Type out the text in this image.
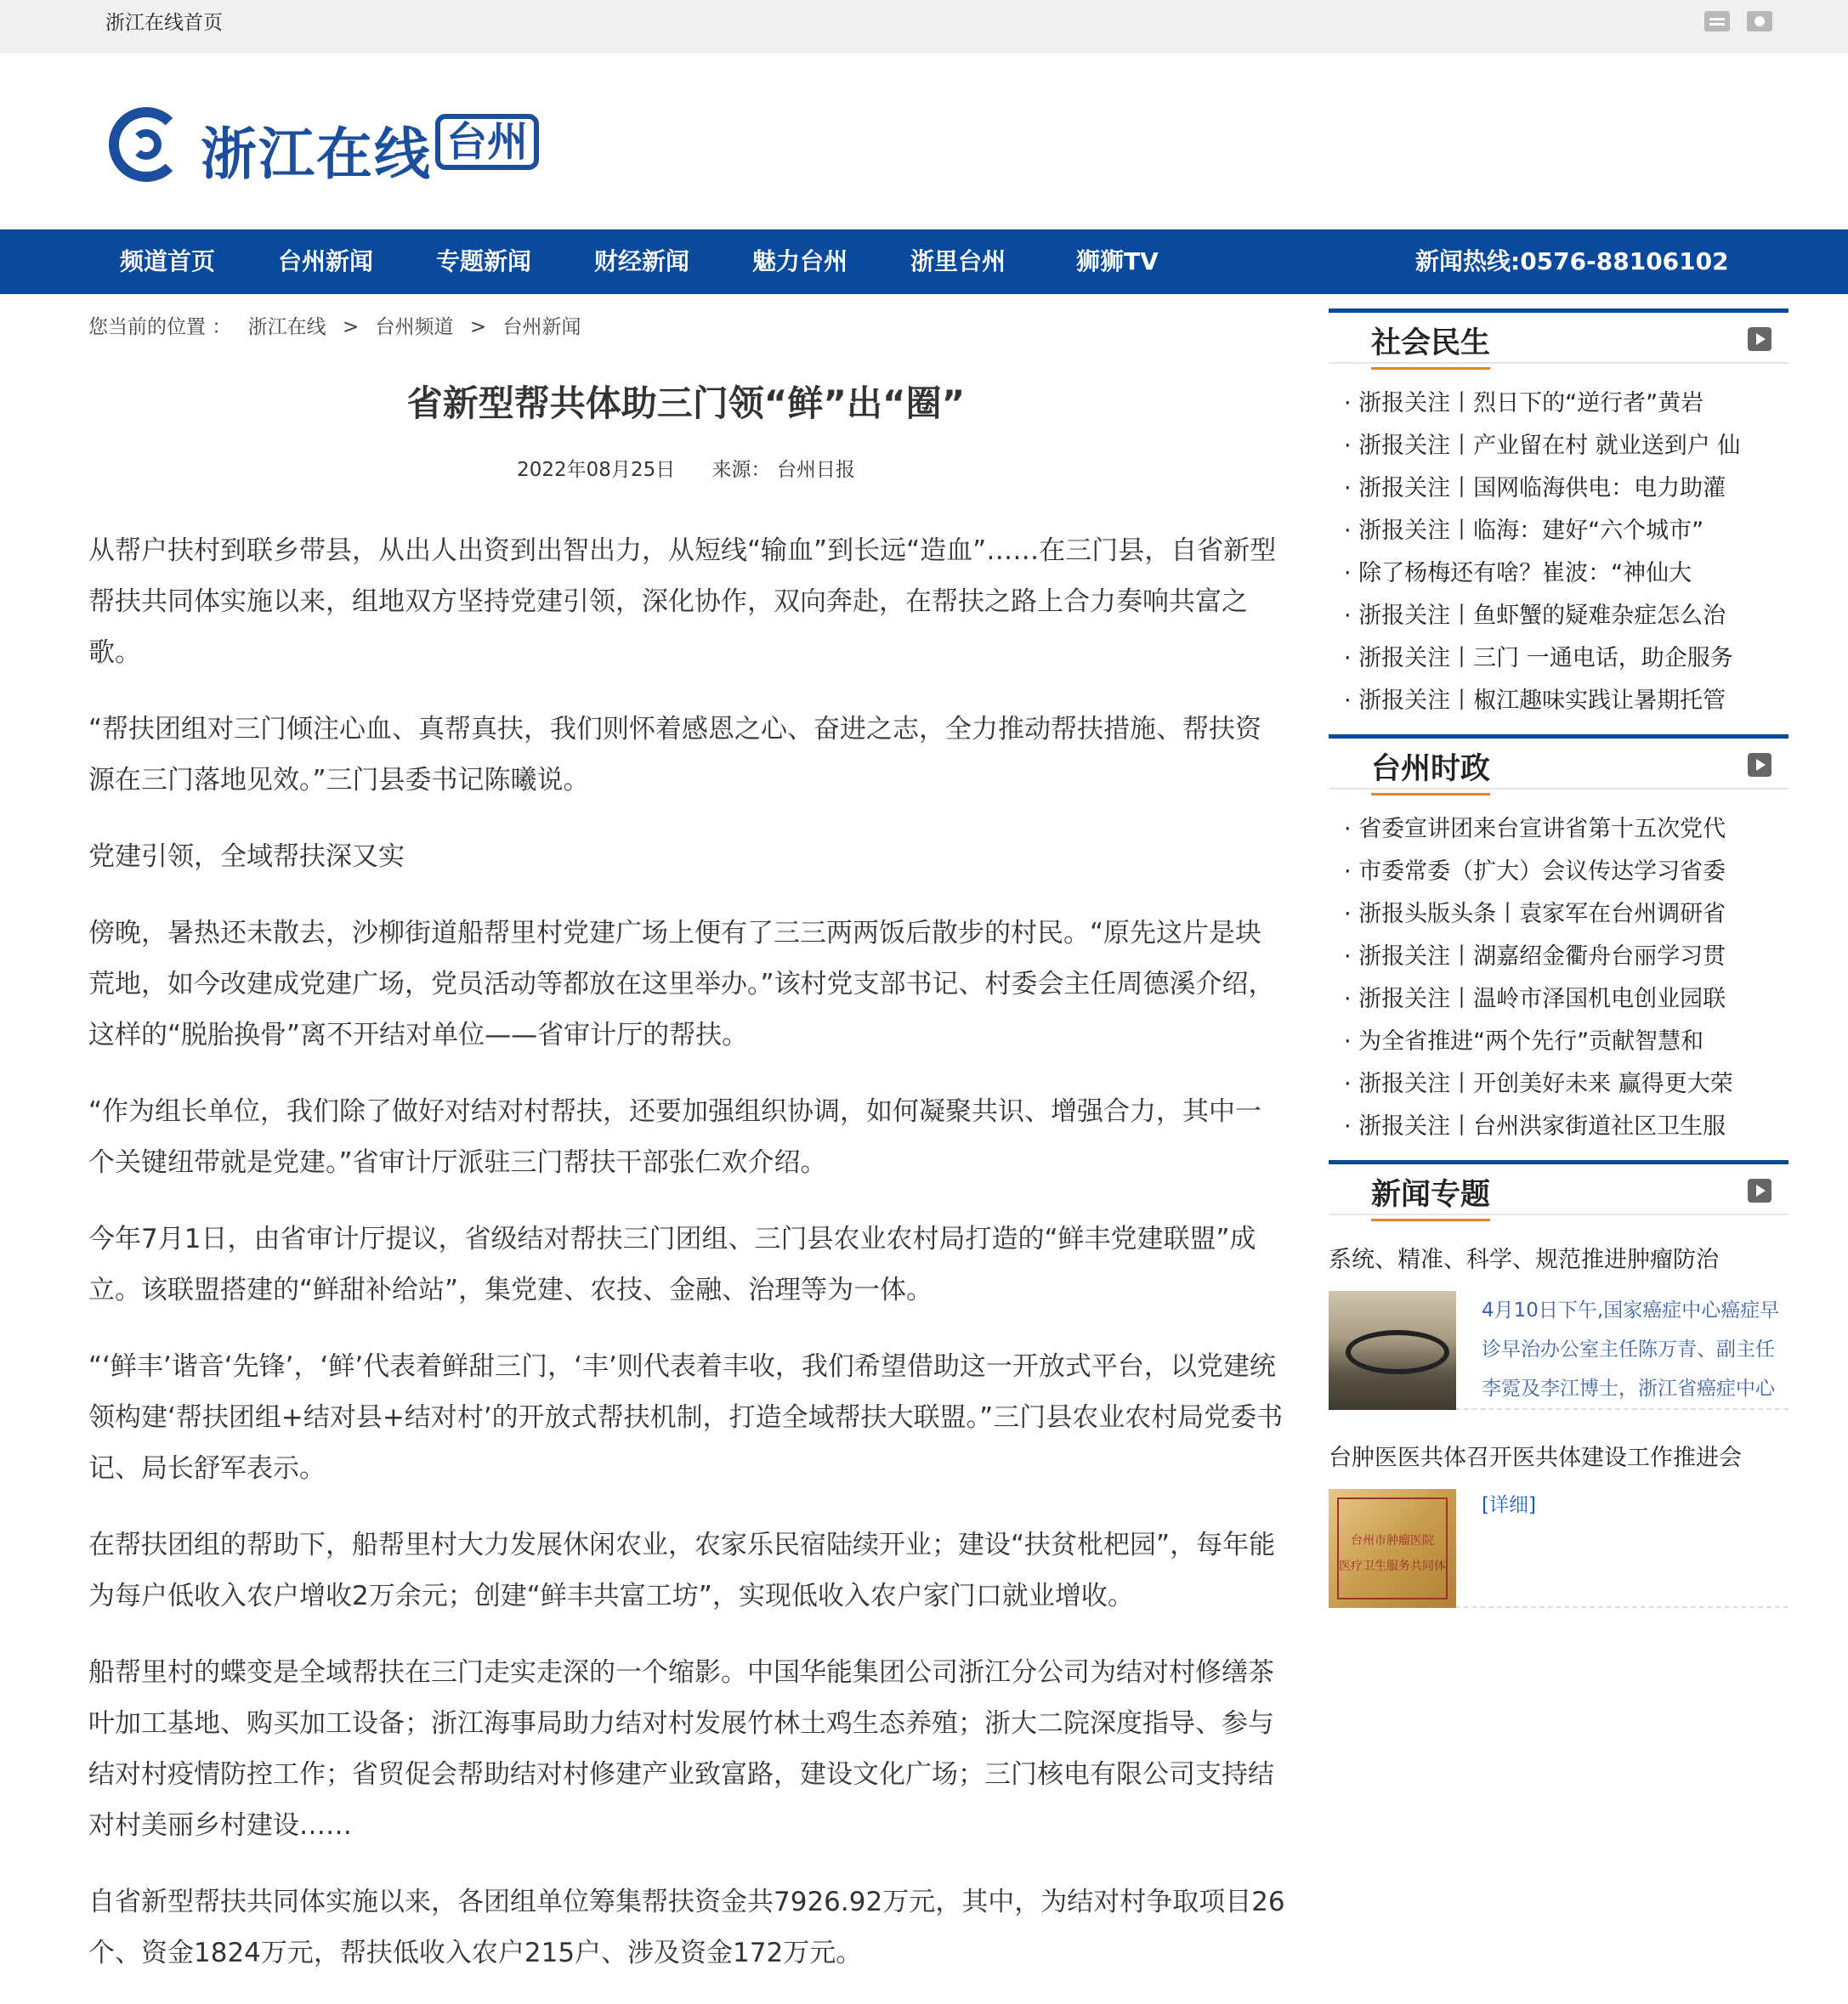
浙江在线首页
浙江在线 台州
频道首页	台州新闻	专题新闻	财经新闻	魅力台州	浙里台州	狮狮TV	新闻热线:0576-88106102
您当前的位置 ： 浙江在线 > 台州频道 > 台州新闻
省新型帮共体助三门领“鲜”出“圈”
2022年08月25日 来源： 台州日报

从帮户扶村到联乡带县，从出人出资到出智出力，从短线“输血”到长远“造血”……在三门县，自省新型帮扶共同体实施以来，组地双方坚持党建引领，深化协作，双向奔赴，在帮扶之路上合力奏响共富之歌。

“帮扶团组对三门倾注心血、真帮真扶，我们则怀着感恩之心、奋进之志，全力推动帮扶措施、帮扶资源在三门落地见效。”三门县委书记陈曦说。

党建引领，全域帮扶深又实

傍晚，暑热还未散去，沙柳街道船帮里村党建广场上便有了三三两两饭后散步的村民。“原先这片是块荒地，如今改建成党建广场，党员活动等都放在这里举办。”该村党支部书记、村委会主任周德溪介绍，这样的“脱胎换骨”离不开结对单位——省审计厅的帮扶。

“作为组长单位，我们除了做好对结对村帮扶，还要加强组织协调，如何凝聚共识、增强合力，其中一个关键纽带就是党建。”省审计厅派驻三门帮扶干部张仁欢介绍。

今年7月1日，由省审计厅提议，省级结对帮扶三门团组、三门县农业农村局打造的“鲜丰党建联盟”成立。该联盟搭建的“鲜甜补给站”，集党建、农技、金融、治理等为一体。

“‘鲜丰’谐音‘先锋’，‘鲜’代表着鲜甜三门，‘丰’则代表着丰收，我们希望借助这一开放式平台，以党建统领构建‘帮扶团组+结对县+结对村’的开放式帮扶机制，打造全域帮扶大联盟。”三门县农业农村局党委书记、局长舒军表示。

在帮扶团组的帮助下，船帮里村大力发展休闲农业，农家乐民宿陆续开业；建设“扶贫枇杷园”，每年能为每户低收入农户增收2万余元；创建“鲜丰共富工坊”，实现低收入农户家门口就业增收。

船帮里村的蝶变是全域帮扶在三门走实走深的一个缩影。中国华能集团公司浙江分公司为结对村修缮茶叶加工基地、购买加工设备；浙江海事局助力结对村发展竹林土鸡生态养殖；浙大二院深度指导、参与结对村疫情防控工作；省贸促会帮助结对村修建产业致富路，建设文化广场；三门核电有限公司支持结对村美丽乡村建设……

自省新型帮扶共同体实施以来，各团组单位筹集帮扶资金共7926.92万元，其中，为结对村争取项目26个、资金1824万元，帮扶低收入农户215户、涉及资金172万元。

社会民生
· 浙报关注丨烈日下的“逆行者”黄岩
· 浙报关注丨产业留在村 就业送到户 仙
· 浙报关注丨国网临海供电：电力助灌
· 浙报关注丨临海：建好“六个城市”
· 除了杨梅还有啥？崔波：“神仙大
· 浙报关注丨鱼虾蟹的疑难杂症怎么治
· 浙报关注丨三门 一通电话，助企服务
· 浙报关注丨椒江趣味实践让暑期托管
台州时政
· 省委宣讲团来台宣讲省第十五次党代
· 市委常委（扩大）会议传达学习省委
· 浙报头版头条丨袁家军在台州调研省
· 浙报关注丨湖嘉绍金衢舟台丽学习贯
· 浙报关注丨温岭市泽国机电创业园联
· 为全省推进“两个先行”贡献智慧和
· 浙报关注丨开创美好未来 赢得更大荣
· 浙报关注丨台州洪家街道社区卫生服
新闻专题
系统、精准、科学、规范推进肿瘤防治
4月10日下午,国家癌症中心癌症早诊早治办公室主任陈万青、副主任李霓及李江博士，浙江省癌症中心
台肿医医共体召开医共体建设工作推进会
台州市肿瘤医院
医疗卫生服务共同体
[详细]
